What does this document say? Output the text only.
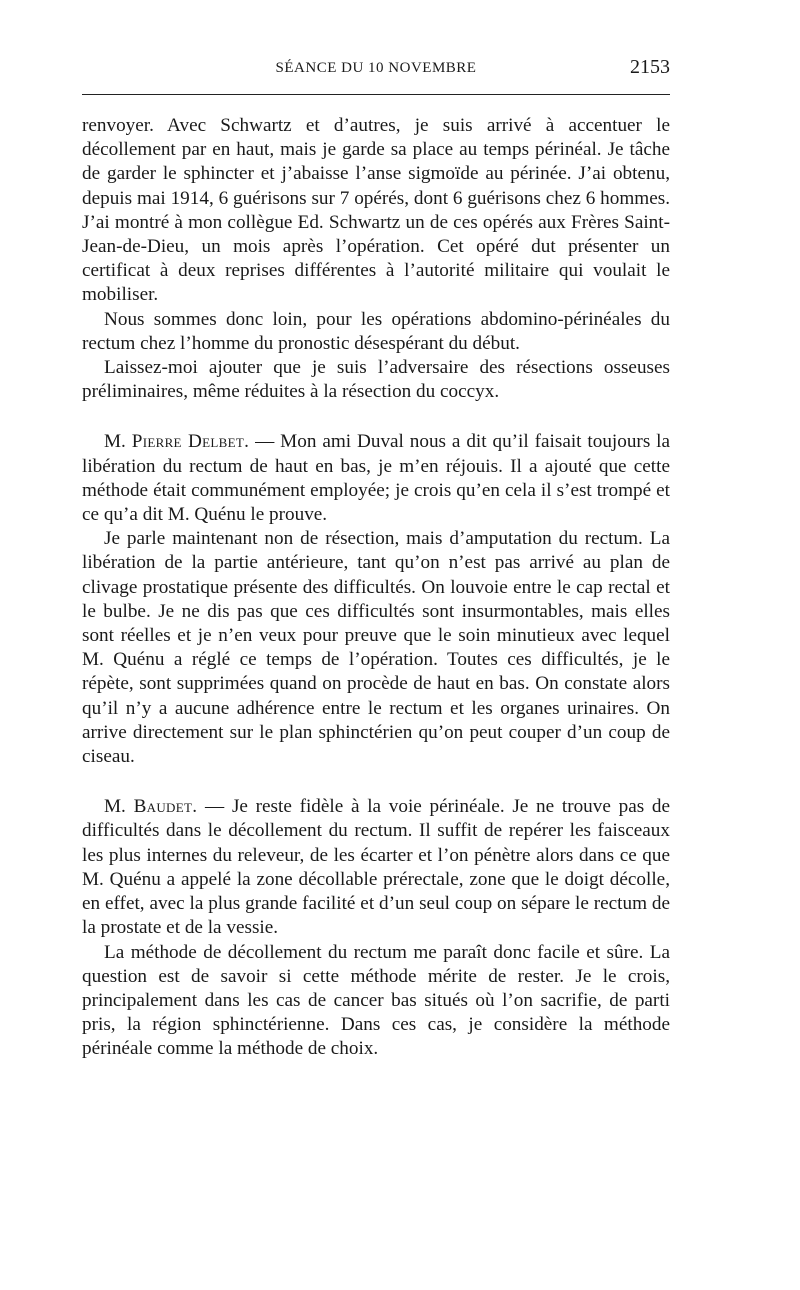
SÉANCE DU 10 NOVEMBRE	2153

renvoyer. Avec Schwartz et d’autres, je suis arrivé à accentuer le décollement par en haut, mais je garde sa place au temps périnéal. Je tâche de garder le sphincter et j’abaisse l’anse sigmoïde au périnée. J’ai obtenu, depuis mai 1914, 6 guérisons sur 7 opérés, dont 6 guérisons chez 6 hommes. J’ai montré à mon collègue Ed. Schwartz un de ces opérés aux Frères Saint-Jean-de-Dieu, un mois après l’opération. Cet opéré dut présenter un certificat à deux reprises différentes à l’autorité militaire qui voulait le mobiliser.

Nous sommes donc loin, pour les opérations abdomino-périnéales du rectum chez l’homme du pronostic désespérant du début.

Laissez-moi ajouter que je suis l’adversaire des résections osseuses préliminaires, même réduites à la résection du coccyx.

M. Pierre Delbet. — Mon ami Duval nous a dit qu’il faisait toujours la libération du rectum de haut en bas, je m’en réjouis. Il a ajouté que cette méthode était communément employée; je crois qu’en cela il s’est trompé et ce qu’a dit M. Quénu le prouve.

Je parle maintenant non de résection, mais d’amputation du rectum. La libération de la partie antérieure, tant qu’on n’est pas arrivé au plan de clivage prostatique présente des difficultés. On louvoie entre le cap rectal et le bulbe. Je ne dis pas que ces difficultés sont insurmontables, mais elles sont réelles et je n’en veux pour preuve que le soin minutieux avec lequel M. Quénu a réglé ce temps de l’opération. Toutes ces difficultés, je le répète, sont supprimées quand on procède de haut en bas. On constate alors qu’il n’y a aucune adhérence entre le rectum et les organes urinaires. On arrive directement sur le plan sphinctérien qu’on peut couper d’un coup de ciseau.

M. Baudet. — Je reste fidèle à la voie périnéale. Je ne trouve pas de difficultés dans le décollement du rectum. Il suffit de repérer les faisceaux les plus internes du releveur, de les écarter et l’on pénètre alors dans ce que M. Quénu a appelé la zone décollable prérectale, zone que le doigt décolle, en effet, avec la plus grande facilité et d’un seul coup on sépare le rectum de la prostate et de la vessie.

La méthode de décollement du rectum me paraît donc facile et sûre. La question est de savoir si cette méthode mérite de rester. Je le crois, principalement dans les cas de cancer bas situés où l’on sacrifie, de parti pris, la région sphinctérienne. Dans ces cas, je considère la méthode périnéale comme la méthode de choix.
